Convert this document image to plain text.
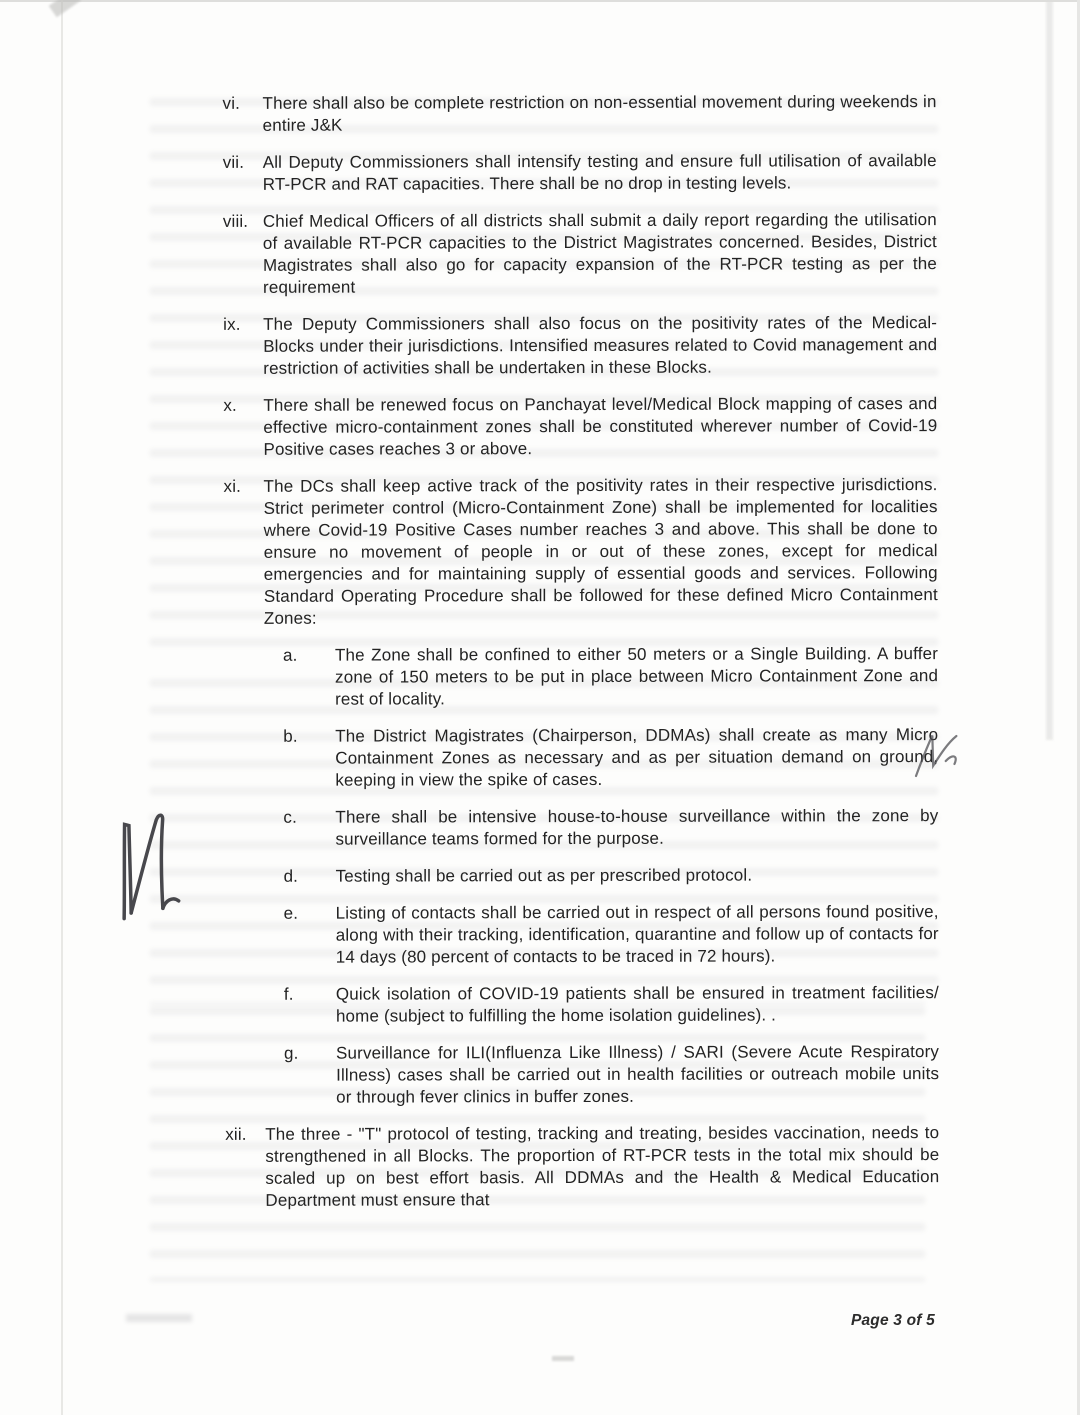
vi.	There shall also be complete restriction on non-essential movement during weekends in entire J&K
vii.	All Deputy Commissioners shall intensify testing and ensure full utilisation of available RT-PCR and RAT capacities. There shall be no drop in testing levels.
viii. Chief Medical Officers of all districts shall submit a daily report regarding the utilisation of available RT-PCR capacities to the District Magistrates concerned. Besides, District Magistrates shall also go for capacity expansion of the RT-PCR testing as per the requirement
ix.	The Deputy Commissioners shall also focus on the positivity rates of the Medical-Blocks under their jurisdictions. Intensified measures related to Covid management and restriction of activities shall be undertaken in these Blocks.
x.	There shall be renewed focus on Panchayat level/Medical Block mapping of cases and effective micro-containment zones shall be constituted wherever number of Covid-19 Positive cases reaches 3 or above.
xi.	The DCs shall keep active track of the positivity rates in their respective jurisdictions. Strict perimeter control (Micro-Containment Zone) shall be implemented for localities where Covid-19 Positive Cases number reaches 3 and above. This shall be done to ensure no movement of people in or out of these zones, except for medical emergencies and for maintaining supply of essential goods and services. Following Standard Operating Procedure shall be followed for these defined Micro Containment Zones:
a.	The Zone shall be confined to either 50 meters or a Single Building. A buffer zone of 150 meters to be put in place between Micro Containment Zone and rest of locality.
b.	The District Magistrates (Chairperson, DDMAs) shall create as many Micro Containment Zones as necessary and as per situation demand on ground, keeping in view the spike of cases.
c.	There shall be intensive house-to-house surveillance within the zone by surveillance teams formed for the purpose.
d.	Testing shall be carried out as per prescribed protocol.
e.	Listing of contacts shall be carried out in respect of all persons found positive, along with their tracking, identification, quarantine and follow up of contacts for 14 days (80 percent of contacts to be traced in 72 hours).
f.	Quick isolation of COVID-19 patients shall be ensured in treatment facilities/ home (subject to fulfilling the home isolation guidelines). .
g.	Surveillance for ILI(Influenza Like Illness) / SARI (Severe Acute Respiratory Illness) cases shall be carried out in health facilities or outreach mobile units or through fever clinics in buffer zones.
xii.	The three - "T" protocol of testing, tracking and treating, besides vaccination, needs to strengthened in all Blocks. The proportion of RT-PCR tests in the total mix should be scaled up on best effort basis. All DDMAs and the Health & Medical Education Department must ensure that
Page 3 of 5
